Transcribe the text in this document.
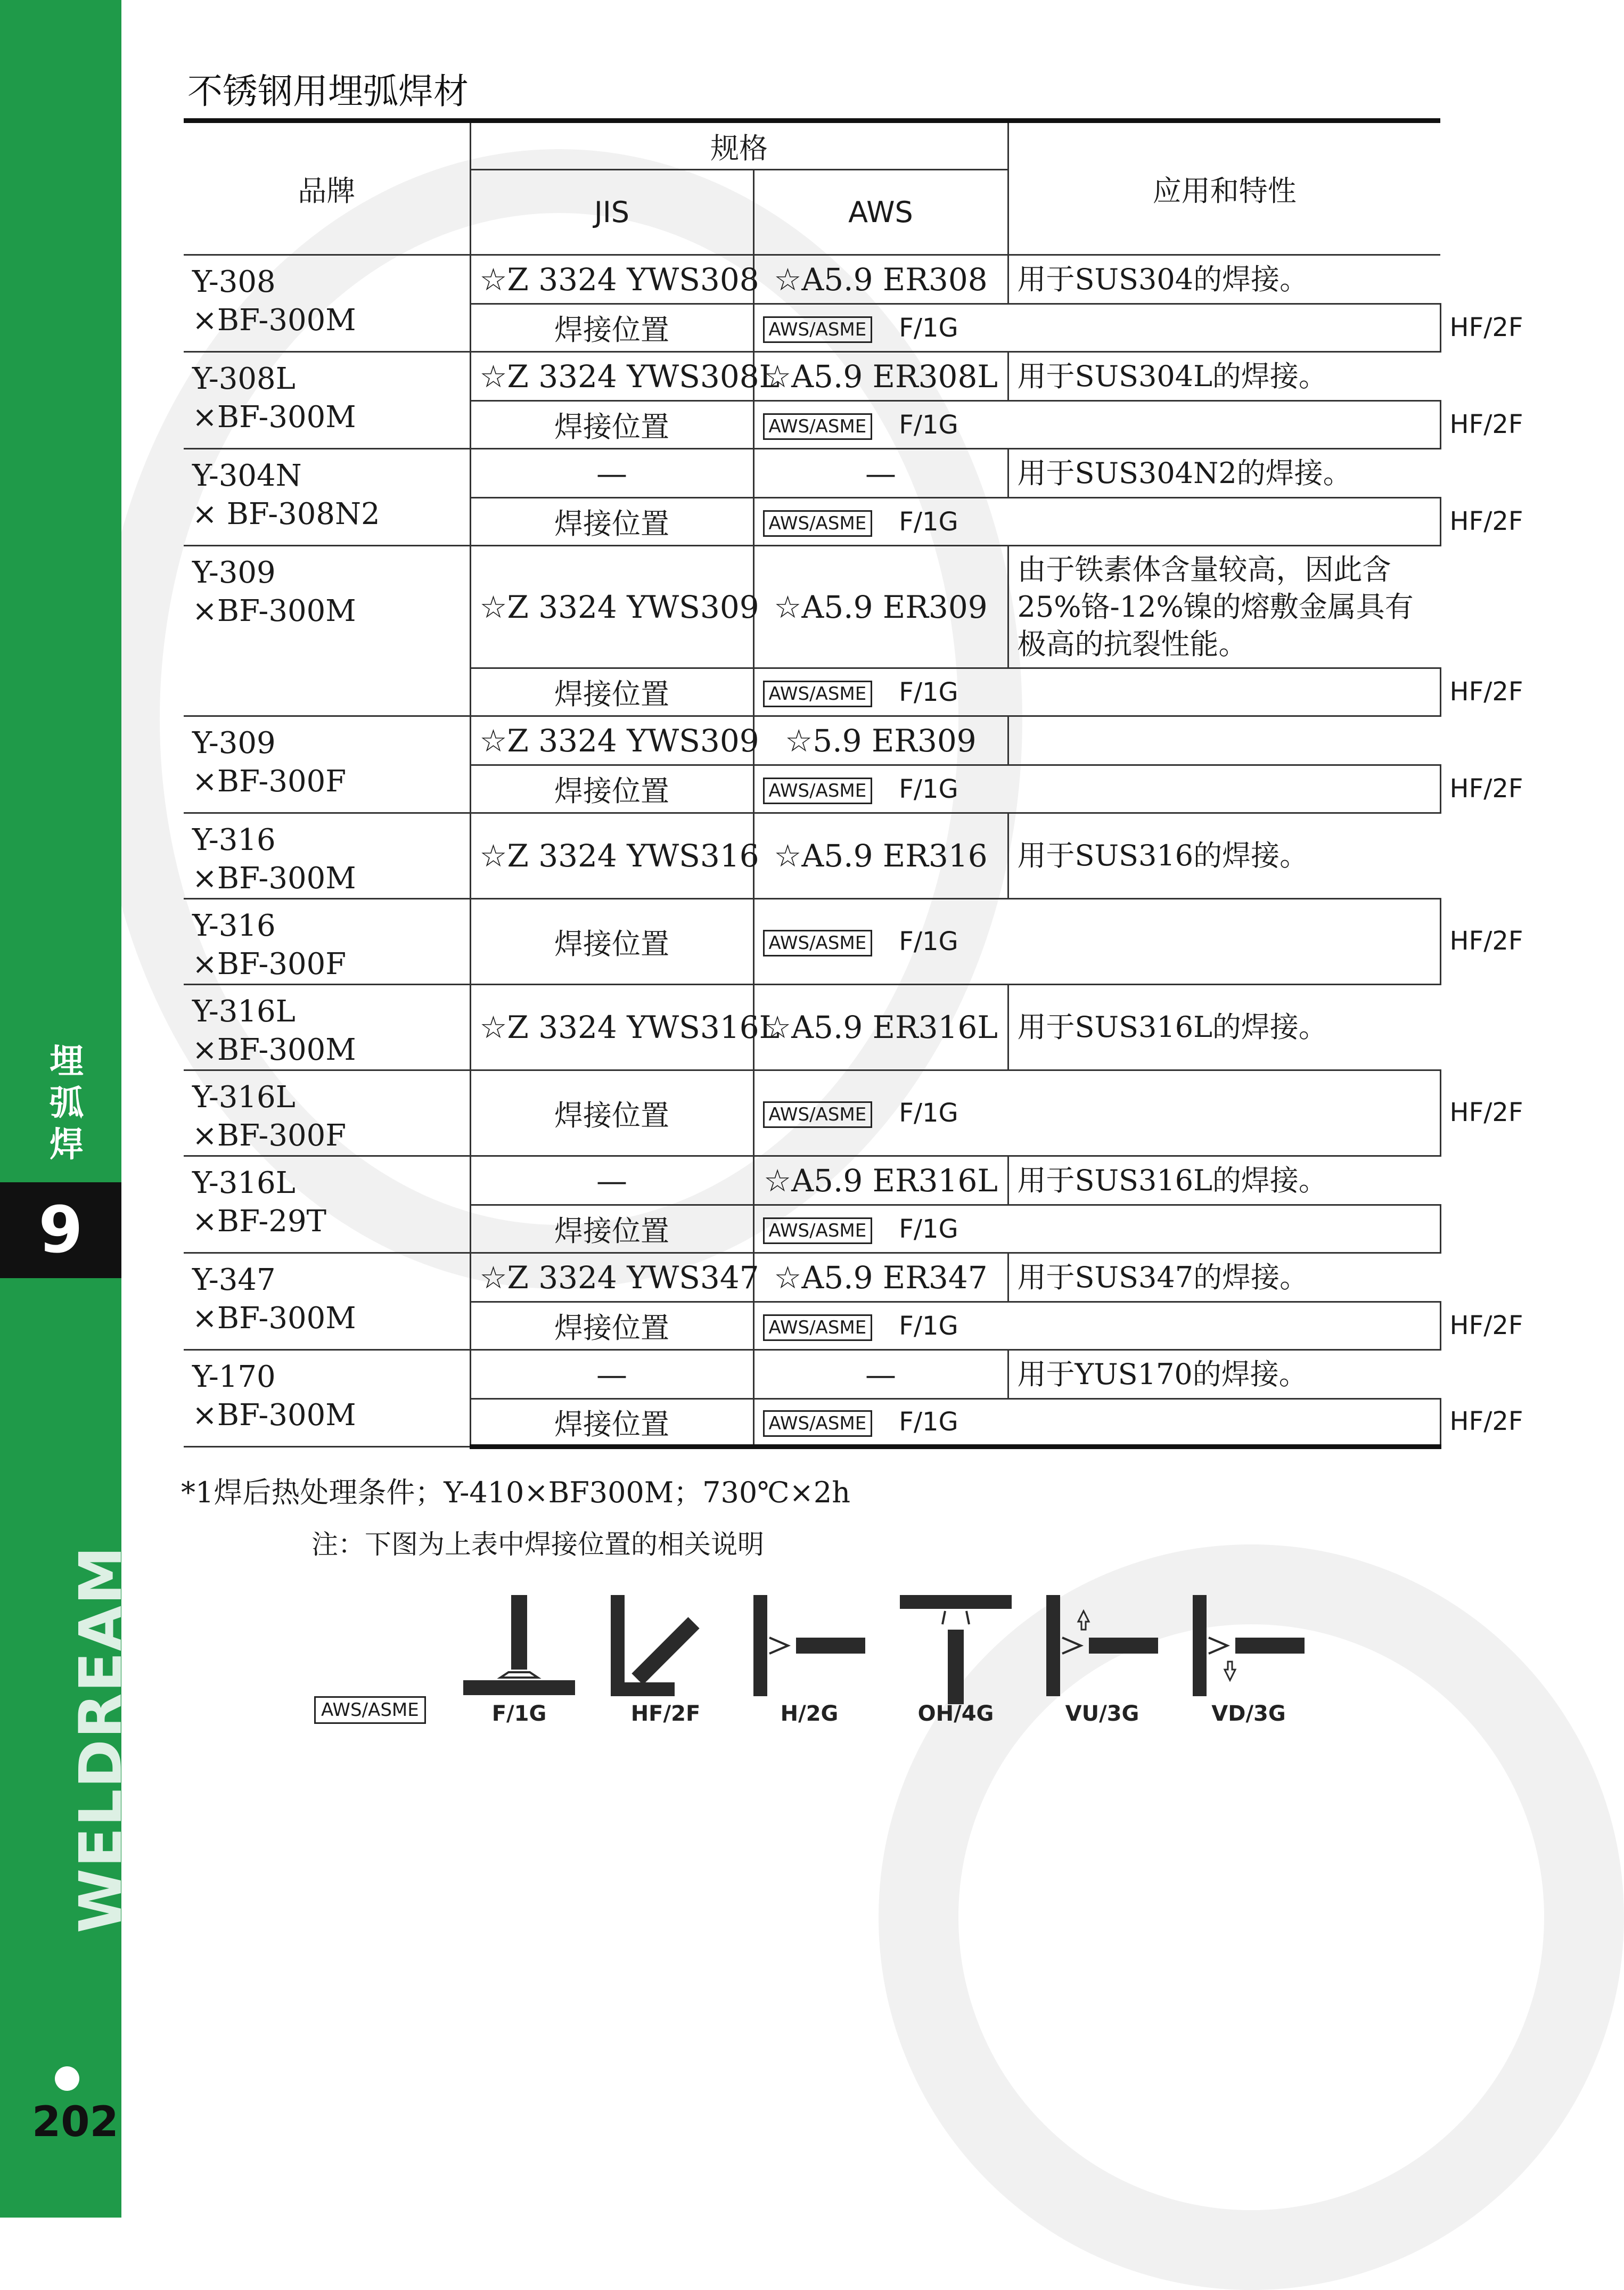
埋弧焊
9
WELDREAM
202
不锈钢用埋弧焊材
品牌	规格		应用和特性	
	JIS	AWS		

Y-308
×BF-300M	☆Z 3324 YWS308	☆A5.9 ER308	用于SUS304的焊接。	
	焊接位置	AWS/ASME F/1G		HF/2F

Y-308L
×BF-300M	☆Z 3324 YWS308L	☆A5.9 ER308L	用于SUS304L的焊接。	
	焊接位置	AWS/ASME F/1G		HF/2F

Y-304N
× BF-308N2	—	—	用于SUS304N2的焊接。	
	焊接位置	AWS/ASME F/1G		HF/2F

Y-309
×BF-300M	☆Z 3324 YWS309	☆A5.9 ER309	由于铁素体含量较高，因此含25%铬-12%镍的熔敷金属具有极高的抗裂性能。	
	焊接位置	AWS/ASME F/1G		HF/2F

Y-309
×BF-300F	☆Z 3324 YWS309	☆5.9 ER309		
	焊接位置	AWS/ASME F/1G		HF/2F

Y-316
×BF-300M	☆Z 3324 YWS316	☆A5.9 ER316	用于SUS316的焊接。	

Y-316
×BF-300F				

	焊接位置	AWS/ASME F/1G		HF/2F

Y-316L
×BF-300M	☆Z 3324 YWS316L	☆A5.9 ER316L	用于SUS316L的焊接。	

Y-316L
×BF-300F				

	焊接位置	AWS/ASME F/1G		HF/2F

Y-316L
×BF-29T	—	☆A5.9 ER316L	用于SUS316L的焊接。	
	焊接位置	AWS/ASME F/1G		

Y-347
×BF-300M	☆Z 3324 YWS347	☆A5.9 ER347	用于SUS347的焊接。	
	焊接位置	AWS/ASME F/1G		HF/2F

Y-170
×BF-300M	—	—	用于YUS170的焊接。	
	焊接位置	AWS/ASME F/1G		HF/2F
*1焊后热处理条件；Y-410×BF300M；730℃×2h
注：下图为上表中焊接位置的相关说明
AWS/ASME	F/1G	HF/2F	H/2G	OH/4G	VU/3G	VD/3G
